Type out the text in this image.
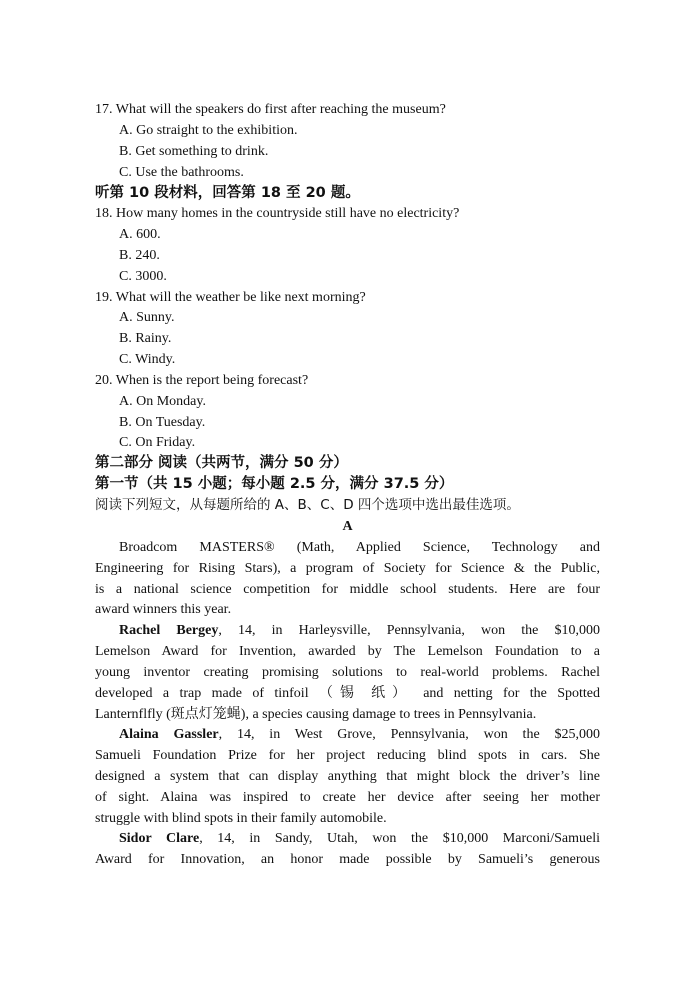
17. What will the speakers do first after reaching the museum?
A. Go straight to the exhibition.
B. Get something to drink.
C. Use the bathrooms.
听第 10 段材料，回答第 18 至 20 题。
18. How many homes in the countryside still have no electricity?
A. 600.
B. 240.
C. 3000.
19. What will the weather be like next morning?
A. Sunny.
B. Rainy.
C. Windy.
20. When is the report being forecast?
A. On Monday.
B. On Tuesday.
C. On Friday.
第二部分 阅读（共两节，满分 50 分）
第一节（共 15 小题；每小题 2.5 分，满分 37.5 分）
阅读下列短文，从每题所给的 A、B、C、D 四个选项中选出最佳选项。
A
Broadcom MASTERS® (Math, Applied Science, Technology and
Engineering for Rising Stars), a program of Society for Science & the Public,
is a national science competition for middle school students. Here are four
award winners this year.
Rachel Bergey, 14, in Harleysville, Pennsylvania, won the $10,000
Lemelson Award for Invention, awarded by The Lemelson Foundation to a
young inventor creating promising solutions to real-world problems. Rachel
developed a trap made of tinfoil （锡 纸） and netting for the Spotted
Lanternflfly (斑点灯笼蝇), a species causing damage to trees in Pennsylvania.
Alaina Gassler, 14, in West Grove, Pennsylvania, won the $25,000
Samueli Foundation Prize for her project reducing blind spots in cars. She
designed a system that can display anything that might block the driver’s line
of sight. Alaina was inspired to create her device after seeing her mother
struggle with blind spots in their family automobile.
Sidor Clare, 14, in Sandy, Utah, won the $10,000 Marconi/Samueli
Award for Innovation, an honor made possible by Samueli’s generous
